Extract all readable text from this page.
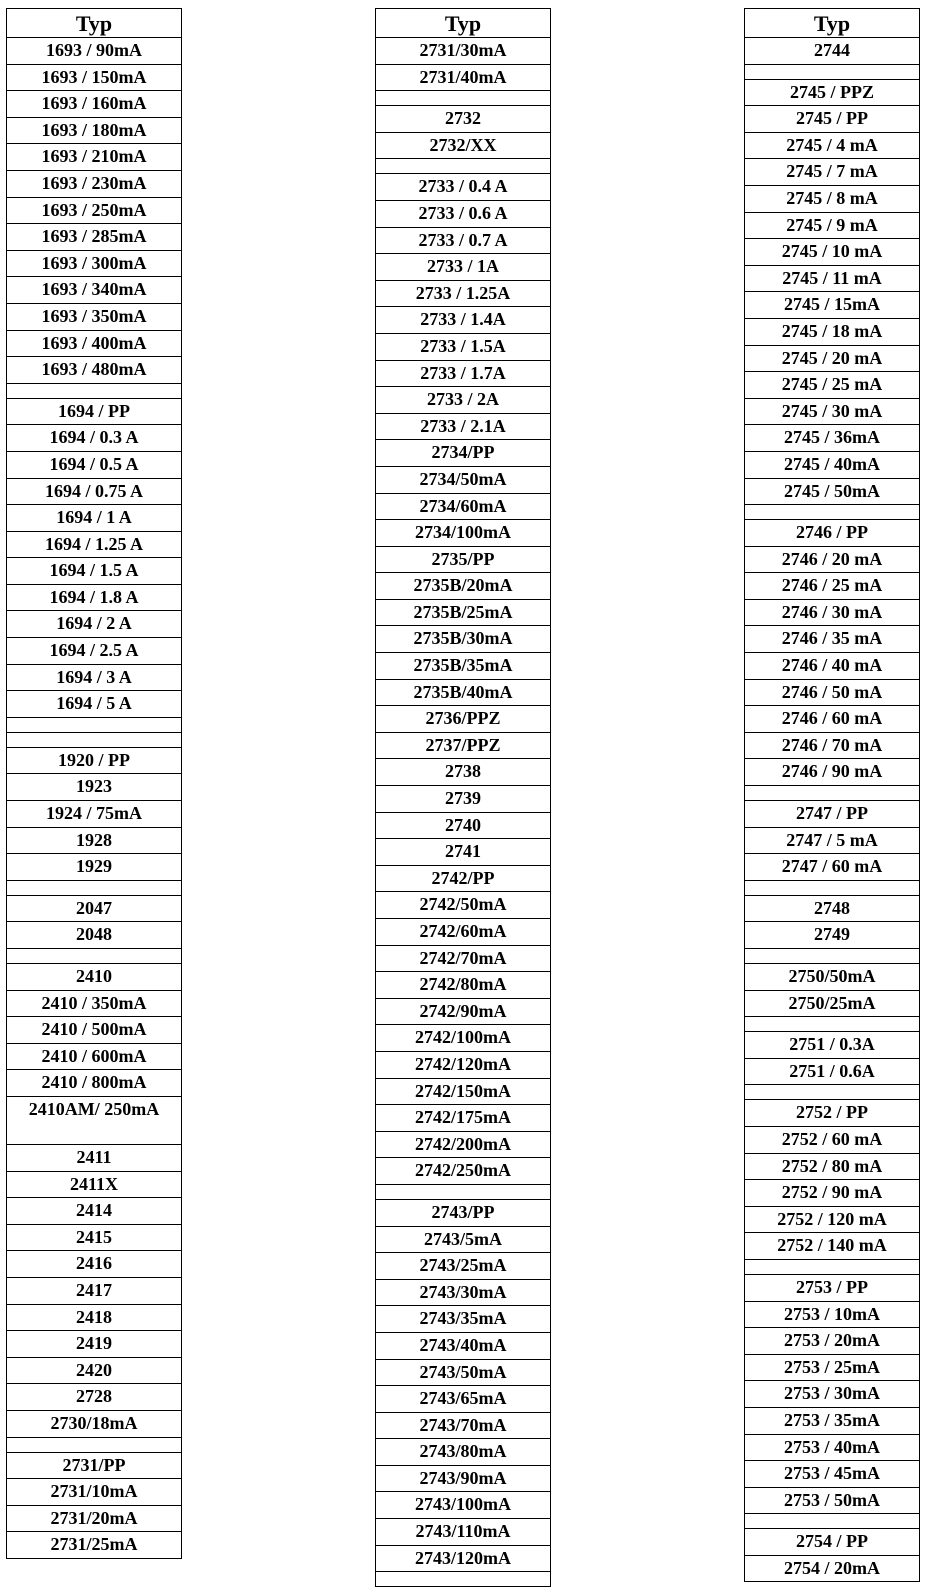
Typ
1693 / 90mA
1693 / 150mA
1693 / 160mA
1693 / 180mA
1693 / 210mA
1693 / 230mA
1693 / 250mA
1693 / 285mA
1693 / 300mA
1693 / 340mA
1693 / 350mA
1693 / 400mA
1693 / 480mA
1694 / PP
1694 / 0.3 A
1694 / 0.5 A
1694 / 0.75 A
1694 / 1 A
1694 / 1.25 A
1694 / 1.5 A
1694 / 1.8 A
1694 / 2 A
1694 / 2.5 A
1694 / 3 A
1694 / 5 A
1920 / PP
1923
1924 / 75mA
1928
1929
2047
2048
2410
2410 / 350mA
2410 / 500mA
2410 / 600mA
2410 / 800mA
2410AM/ 250mA
2411
2411X
2414
2415
2416
2417
2418
2419
2420
2728
2730/18mA
2731/PP
2731/10mA
2731/20mA
2731/25mA
Typ
2731/30mA
2731/40mA
2732
2732/XX
2733 / 0.4 A
2733 / 0.6 A
2733 / 0.7 A
2733 / 1A
2733 / 1.25A
2733 / 1.4A
2733 / 1.5A
2733 / 1.7A
2733 / 2A
2733 / 2.1A
2734/PP
2734/50mA
2734/60mA
2734/100mA
2735/PP
2735B/20mA
2735B/25mA
2735B/30mA
2735B/35mA
2735B/40mA
2736/PPZ
2737/PPZ
2738
2739
2740
2741
2742/PP
2742/50mA
2742/60mA
2742/70mA
2742/80mA
2742/90mA
2742/100mA
2742/120mA
2742/150mA
2742/175mA
2742/200mA
2742/250mA
2743/PP
2743/5mA
2743/25mA
2743/30mA
2743/35mA
2743/40mA
2743/50mA
2743/65mA
2743/70mA
2743/80mA
2743/90mA
2743/100mA
2743/110mA
2743/120mA
Typ
2744
2745 / PPZ
2745 / PP
2745 / 4 mA
2745 / 7 mA
2745 / 8 mA
2745 / 9 mA
2745 / 10 mA
2745 / 11 mA
2745 / 15mA
2745 / 18 mA
2745 / 20 mA
2745 / 25 mA
2745 / 30 mA
2745 / 36mA
2745 / 40mA
2745 / 50mA
2746 / PP
2746 / 20 mA
2746 / 25 mA
2746 / 30 mA
2746 / 35 mA
2746 / 40 mA
2746 / 50 mA
2746 / 60 mA
2746 / 70 mA
2746 / 90 mA
2747 / PP
2747 / 5 mA
2747 / 60 mA
2748
2749
2750/50mA
2750/25mA
2751 / 0.3A
2751 / 0.6A
2752 / PP
2752 / 60 mA
2752 / 80 mA
2752 / 90 mA
2752 / 120 mA
2752 / 140 mA
2753 / PP
2753 / 10mA
2753 / 20mA
2753 / 25mA
2753 / 30mA
2753 / 35mA
2753 / 40mA
2753 / 45mA
2753 / 50mA
2754 / PP
2754 / 20mA
